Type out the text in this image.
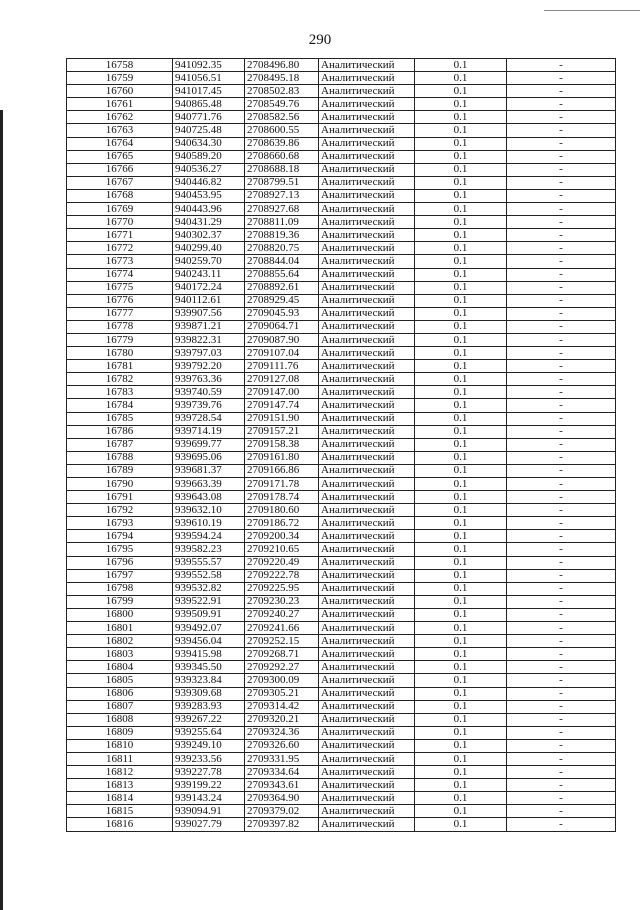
290
16758	941092.35	2708496.80	Аналитический	0.1	-
16759	941056.51	2708495.18	Аналитический	0.1	-
16760	941017.45	2708502.83	Аналитический	0.1	-
16761	940865.48	2708549.76	Аналитический	0.1	-
16762	940771.76	2708582.56	Аналитический	0.1	-
16763	940725.48	2708600.55	Аналитический	0.1	-
16764	940634.30	2708639.86	Аналитический	0.1	-
16765	940589.20	2708660.68	Аналитический	0.1	-
16766	940536.27	2708688.18	Аналитический	0.1	-
16767	940446.82	2708799.51	Аналитический	0.1	-
16768	940453.95	2708927.13	Аналитический	0.1	-
16769	940443.96	2708927.68	Аналитический	0.1	-
16770	940431.29	2708811.09	Аналитический	0.1	-
16771	940302.37	2708819.36	Аналитический	0.1	-
16772	940299.40	2708820.75	Аналитический	0.1	-
16773	940259.70	2708844.04	Аналитический	0.1	-
16774	940243.11	2708855.64	Аналитический	0.1	-
16775	940172.24	2708892.61	Аналитический	0.1	-
16776	940112.61	2708929.45	Аналитический	0.1	-
16777	939907.56	2709045.93	Аналитический	0.1	-
16778	939871.21	2709064.71	Аналитический	0.1	-
16779	939822.31	2709087.90	Аналитический	0.1	-
16780	939797.03	2709107.04	Аналитический	0.1	-
16781	939792.20	2709111.76	Аналитический	0.1	-
16782	939763.36	2709127.08	Аналитический	0.1	-
16783	939740.59	2709147.00	Аналитический	0.1	-
16784	939739.76	2709147.74	Аналитический	0.1	-
16785	939728.54	2709151.90	Аналитический	0.1	-
16786	939714.19	2709157.21	Аналитический	0.1	-
16787	939699.77	2709158.38	Аналитический	0.1	-
16788	939695.06	2709161.80	Аналитический	0.1	-
16789	939681.37	2709166.86	Аналитический	0.1	-
16790	939663.39	2709171.78	Аналитический	0.1	-
16791	939643.08	2709178.74	Аналитический	0.1	-
16792	939632.10	2709180.60	Аналитический	0.1	-
16793	939610.19	2709186.72	Аналитический	0.1	-
16794	939594.24	2709200.34	Аналитический	0.1	-
16795	939582.23	2709210.65	Аналитический	0.1	-
16796	939555.57	2709220.49	Аналитический	0.1	-
16797	939552.58	2709222.78	Аналитический	0.1	-
16798	939532.82	2709225.95	Аналитический	0.1	-
16799	939522.91	2709230.23	Аналитический	0.1	-
16800	939509.91	2709240.27	Аналитический	0.1	-
16801	939492.07	2709241.66	Аналитический	0.1	-
16802	939456.04	2709252.15	Аналитический	0.1	-
16803	939415.98	2709268.71	Аналитический	0.1	-
16804	939345.50	2709292.27	Аналитический	0.1	-
16805	939323.84	2709300.09	Аналитический	0.1	-
16806	939309.68	2709305.21	Аналитический	0.1	-
16807	939283.93	2709314.42	Аналитический	0.1	-
16808	939267.22	2709320.21	Аналитический	0.1	-
16809	939255.64	2709324.36	Аналитический	0.1	-
16810	939249.10	2709326.60	Аналитический	0.1	-
16811	939233.56	2709331.95	Аналитический	0.1	-
16812	939227.78	2709334.64	Аналитический	0.1	-
16813	939199.22	2709343.61	Аналитический	0.1	-
16814	939143.24	2709364.90	Аналитический	0.1	-
16815	939094.91	2709379.02	Аналитический	0.1	-
16816	939027.79	2709397.82	Аналитический	0.1	-
